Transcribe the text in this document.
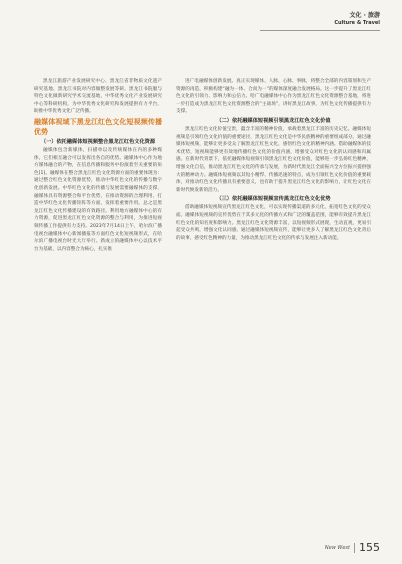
文化 · 旅游
Culture & Travel

黑龙江旅游产业发展研究中心、黑龙江省非物质文化遗产研究基地、黑龙江书院对内容做整发展等研。黑龙江书院服与特色文化做新研究学术交流基地，中华优秀文化产业发展研究中心等科研机构，为中华优秀文化研究和发展提供有力平台，助推中华优秀文化广泛传播。

融媒体视域下黑龙江红色文化短视频传播优势

（一）依托融媒体短视频整合黑龙江红色文化资源

融媒体包含新媒体，扫描单以及传统媒体在内的多种媒体，它们相互融合可以发挥出各自的优势。融媒体中心作为地方媒体融合的产物，在信息传播和服务中扮演着至关重要的角色[1]。融媒体在整合黑龙江红色文化资源方面的重要体现为：通过整合红色文化资源优势，推动中华红色文化的传播与数字化创新发展。中华红色文化的传播与发展需要融媒体的支撑，融媒体具有资源整合和平台优势，在推动资源的合理利用、打造中华红色文化传播矩阵等方面，发挥着重要作用。总之是黑龙江红色文化传播建设的有效路径。利用地方融媒体中心的有力资源，促进黑龙江红色文化资源的整合与利用，为推进短视频传播工作提供有力支持。2023年7月14日上午，哈尔滨广播电视台融媒体中心新闻播报等方面红色文化短视频形式，在哈尔滨广播电视台时光大厅举行。新成立的融媒体中心以技术平台为基础，以内容整合为核心，扎实推

进广电融媒体创新发展。真正实现媒体、人脉、心脉、事脉，将整合全部的内容策划和生产资源的再造，积极构建“融为一体、合而为一”的媒体深度融合发展格局。这一步提升了黑龙江红色文化的引领力、影响力和公信力。哈广电融媒体中心作为黑龙江红色文化资源整合基地，将进一步打造成为黑龙江红色文化资源整合的“主战场”，讲好黑龙江故事，为红色文化传播提供有力支撑。

（二）依托融媒体短视频引领黑龙江红色文化价值

黑龙江红色文化价值宝贵，蕴含丰富的精神价值，承载着黑龙江丰富的历史记忆。融媒体短视频是引领红色文化价值的重要途径，黑龙江红色文化是中华民族精神的重要组成部分。通过融媒体短视频，能够让更多受众了解黑龙江红色文化，感悟红色文化的精神内涵。借助融媒体的技术优势，短视频能够更有效地传播红色文化的价值内涵，增强受众对红色文化的认同感和归属感。在新时代背景下，依托融媒体短视频引领黑龙江红色文化价值，能够进一步弘扬红色精神，增强文化自信，推动黑龙江红色文化的传承与发展，为新时代黑龙江全面振兴全方位振兴提供强大的精神动力。融媒体短视频以其短小精悍、传播迅速的特点，成为引领红色文化价值的重要载体，对推动红色文化传播具有重要意义，也有助于提升黑龙江红色文化的影响力，让红色文化在新时代焕发新的活力。

（三）依托融媒体短视频宣传黑龙江红色文化优势

借助融媒体短视频宣传黑龙江红色文化，可以实现传播渠道的多元化，拓宽红色文化的受众面。融媒体短视频的宣传优势在于其多元化的传播方式和广泛的覆盖范围，能够有效提升黑龙江红色文化的知名度和影响力。黑龙江红色文化资源丰富，以短视频形式展现，生动直观，更易引起受众共鸣，增强文化认同感。通过融媒体短视频宣传，能够让更多人了解黑龙江红色文化背后的故事，感受红色精神的力量，为推动黑龙江红色文化的传承与发展注入新动能。

New West 155
